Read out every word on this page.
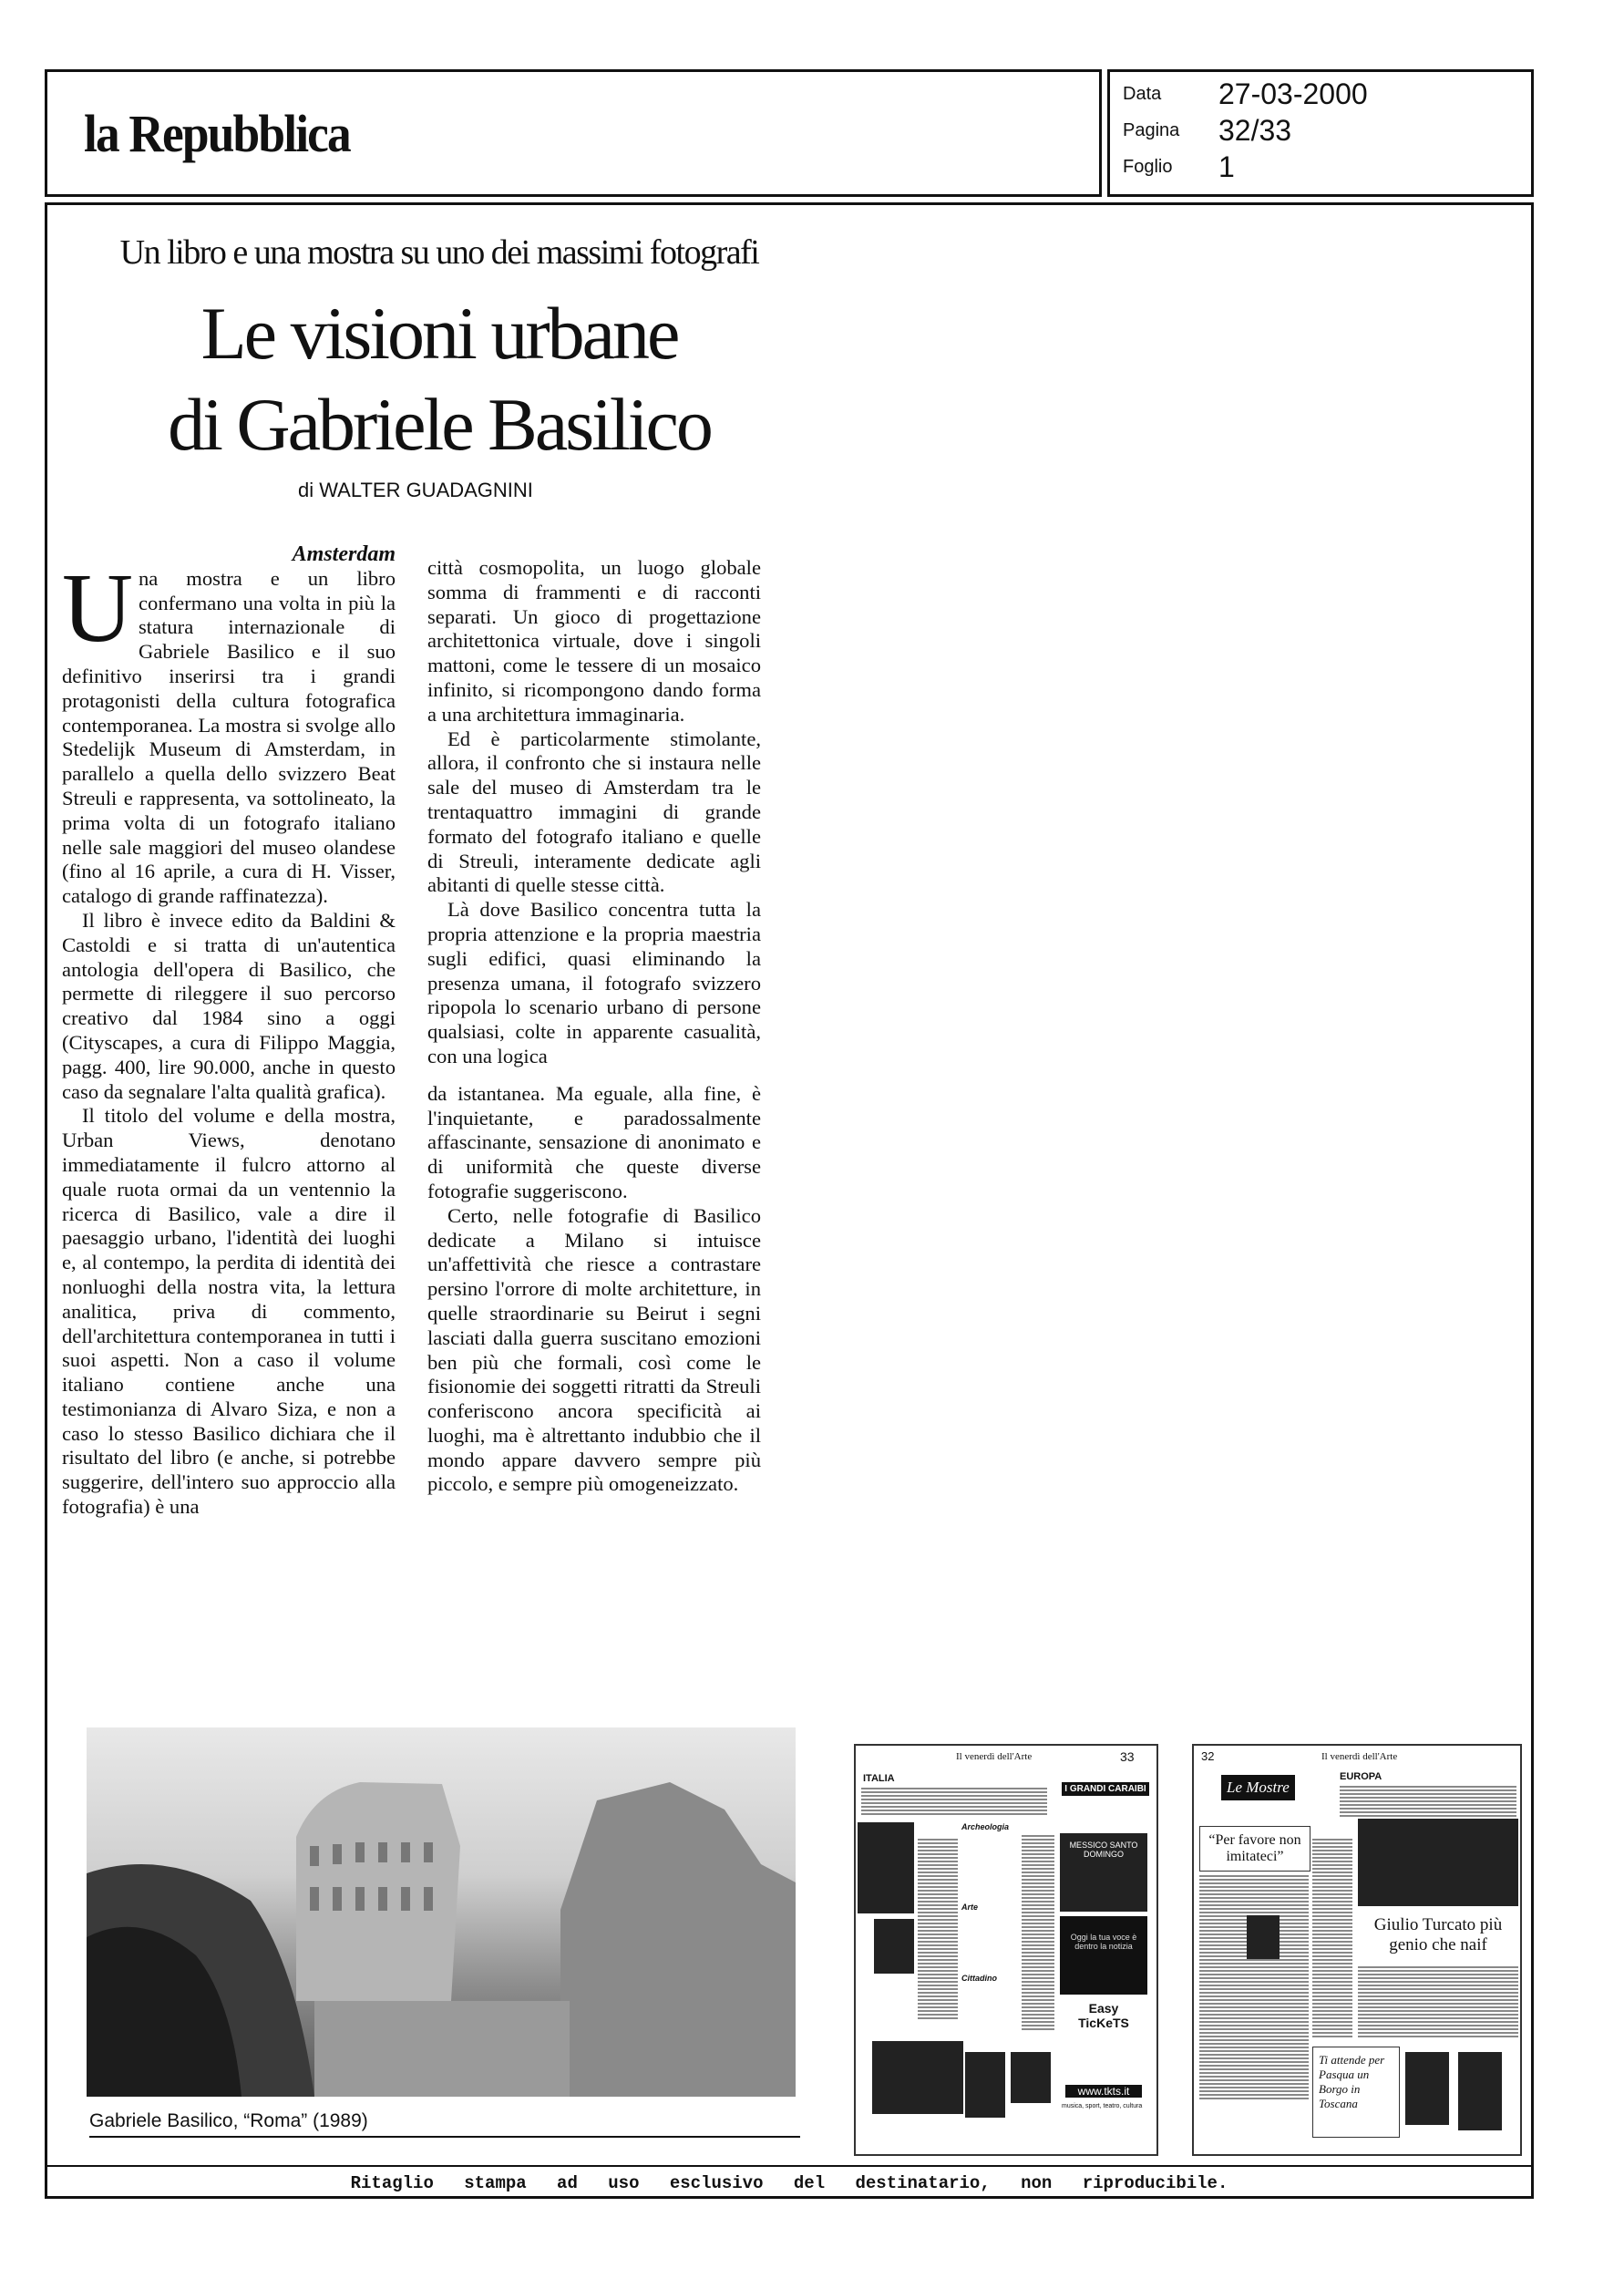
la Repubblica
Data 27-03-2000
Pagina 32/33
Foglio 1
Un libro e una mostra su uno dei massimi fotografi
Le visioni urbane
di Gabriele Basilico
di WALTER GUADAGNINI
Amsterdam

Una mostra e un libro confermano una volta in più la statura internazionale di Gabriele Basilico e il suo definitivo inserirsi tra i grandi protagonisti della cultura fotografica contemporanea. La mostra si svolge allo Stedelijk Museum di Amsterdam, in parallelo a quella dello svizzero Beat Streuli e rappresenta, va sottolineato, la prima volta di un fotografo italiano nelle sale maggiori del museo olandese (fino al 16 aprile, a cura di H. Visser, catalogo di grande raffinatezza).

Il libro è invece edito da Baldini & Castoldi e si tratta di un'autentica antologia dell'opera di Basilico, che permette di rileggere il suo percorso creativo dal 1984 sino a oggi (Cityscapes, a cura di Filippo Maggia, pagg. 400, lire 90.000, anche in questo caso da segnalare l'alta qualità grafica).

Il titolo del volume e della mostra, Urban Views, denotano immediatamente il fulcro attorno al quale ruota ormai da un ventennio la ricerca di Basilico, vale a dire il paesaggio urbano, l'identità dei luoghi e, al contempo, la perdita di identità dei nonluoghi della nostra vita, la lettura analitica, priva di commento, dell'architettura contemporanea in tutti i suoi aspetti. Non a caso il volume italiano contiene anche una testimonianza di Alvaro Siza, e non a caso lo stesso Basilico dichiara che il risultato del libro (e anche, si potrebbe suggerire, dell'intero suo approccio alla fotografia) è una

città cosmopolita, un luogo globale somma di frammenti e di racconti separati. Un gioco di progettazione architettonica virtuale, dove i singoli mattoni, come le tessere di un mosaico infinito, si ricompongono dando forma a una architettura immaginaria.

Ed è particolarmente stimolante, allora, il confronto che si instaura nelle sale del museo di Amsterdam tra le trentaquattro immagini di grande formato del fotografo italiano e quelle di Streuli, interamente dedicate agli abitanti di quelle stesse città.

Là dove Basilico concentra tutta la propria attenzione e la propria maestria sugli edifici, quasi eliminando la presenza umana, il fotografo svizzero ripopola lo scenario urbano di persone qualsiasi, colte in apparente casualità, con una logica

da istantanea. Ma eguale, alla fine, è l'inquietante, e paradossalmente affascinante, sensazione di anonimato e di uniformità che queste diverse fotografie suggeriscono.

Certo, nelle fotografie di Basilico dedicate a Milano si intuisce un'affettività che riesce a contrastare persino l'orrore di molte architetture, in quelle straordinarie su Beirut i segni lasciati dalla guerra suscitano emozioni ben più che formali, così come le fisionomie dei soggetti ritratti da Streuli conferiscono ancora specificità ai luoghi, ma è altrettanto indubbio che il mondo appare davvero sempre più piccolo, e sempre più omogeneizzato.

Gabriele Basilico, “Roma” (1989)
Il venerdì dell'Arte	33
ITALIA
Archeologia
Arte
Cittadino
I GRANDI CARAIBI
MESSICO SANTO DOMINGO
Oggi la tua voce è dentro la notizia
Easy TicKeTS
www.tkts.it
musica, sport, teatro, cultura
32	Il venerdì dell'Arte
Le Mostre
EUROPA
“Per favore non imitateci”
Giulio Turcato più genio che naif
Ti attende per Pasqua un Borgo in Toscana
Ritaglio stampa ad uso esclusivo del destinatario, non riproducibile.
